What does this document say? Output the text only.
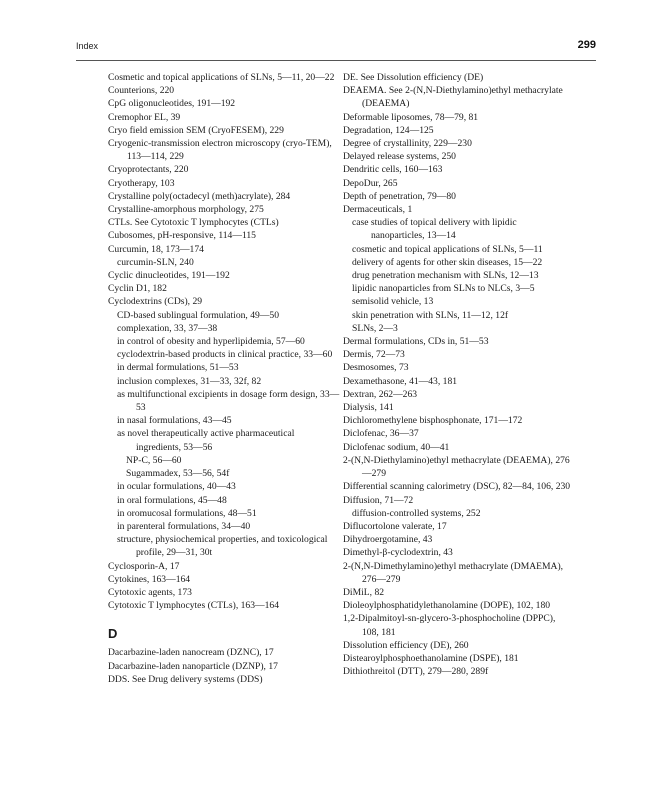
Index	299

Cosmetic and topical applications of SLNs, 5—11, 20—22

Counterions, 220

CpG oligonucleotides, 191—192

Cremophor EL, 39

Cryo field emission SEM (CryoFESEM), 229

Cryogenic-transmission electron microscopy (cryo-TEM), 113—114, 229

Cryoprotectants, 220

Cryotherapy, 103

Crystalline poly(octadecyl (meth)acrylate), 284

Crystalline-amorphous morphology, 275

CTLs. See Cytotoxic T lymphocytes (CTLs)

Cubosomes, pH-responsive, 114—115

Curcumin, 18, 173—174

curcumin-SLN, 240

Cyclic dinucleotides, 191—192

Cyclin D1, 182

Cyclodextrins (CDs), 29

CD-based sublingual formulation, 49—50

complexation, 33, 37—38

in control of obesity and hyperlipidemia, 57—60

cyclodextrin-based products in clinical practice, 33—60

in dermal formulations, 51—53

inclusion complexes, 31—33, 32f, 82

as multifunctional excipients in dosage form design, 33—53

in nasal formulations, 43—45

as novel therapeutically active pharmaceutical ingredients, 53—56

NP-C, 56—60

Sugammadex, 53—56, 54f

in ocular formulations, 40—43

in oral formulations, 45—48

in oromucosal formulations, 48—51

in parenteral formulations, 34—40

structure, physiochemical properties, and toxicological profile, 29—31, 30t

Cyclosporin-A, 17

Cytokines, 163—164

Cytotoxic agents, 173

Cytotoxic T lymphocytes (CTLs), 163—164

D

Dacarbazine-laden nanocream (DZNC), 17

Dacarbazine-laden nanoparticle (DZNP), 17

DDS. See Drug delivery systems (DDS)

DE. See Dissolution efficiency (DE)

DEAEMA. See 2-(N,N-Diethylamino)ethyl methacrylate (DEAEMA)

Deformable liposomes, 78—79, 81

Degradation, 124—125

Degree of crystallinity, 229—230

Delayed release systems, 250

Dendritic cells, 160—163

DepoDur, 265

Depth of penetration, 79—80

Dermaceuticals, 1

case studies of topical delivery with lipidic nanoparticles, 13—14

cosmetic and topical applications of SLNs, 5—11

delivery of agents for other skin diseases, 15—22

drug penetration mechanism with SLNs, 12—13

lipidic nanoparticles from SLNs to NLCs, 3—5

semisolid vehicle, 13

skin penetration with SLNs, 11—12, 12f

SLNs, 2—3

Dermal formulations, CDs in, 51—53

Dermis, 72—73

Desmosomes, 73

Dexamethasone, 41—43, 181

Dextran, 262—263

Dialysis, 141

Dichloromethylene bisphosphonate, 171—172

Diclofenac, 36—37

Diclofenac sodium, 40—41

2-(N,N-Diethylamino)ethyl methacrylate (DEAEMA), 276—279

Differential scanning calorimetry (DSC), 82—84, 106, 230

Diffusion, 71—72

diffusion-controlled systems, 252

Diflucortolone valerate, 17

Dihydroergotamine, 43

Dimethyl-β-cyclodextrin, 43

2-(N,N-Dimethylamino)ethyl methacrylate (DMAEMA), 276—279

DiMiL, 82

Dioleoylphosphatidylethanolamine (DOPE), 102, 180

1,2-Dipalmitoyl-sn-glycero-3-phosphocholine (DPPC), 108, 181

Dissolution efficiency (DE), 260

Distearoylphosphoethanolamine (DSPE), 181

Dithiothreitol (DTT), 279—280, 289f
